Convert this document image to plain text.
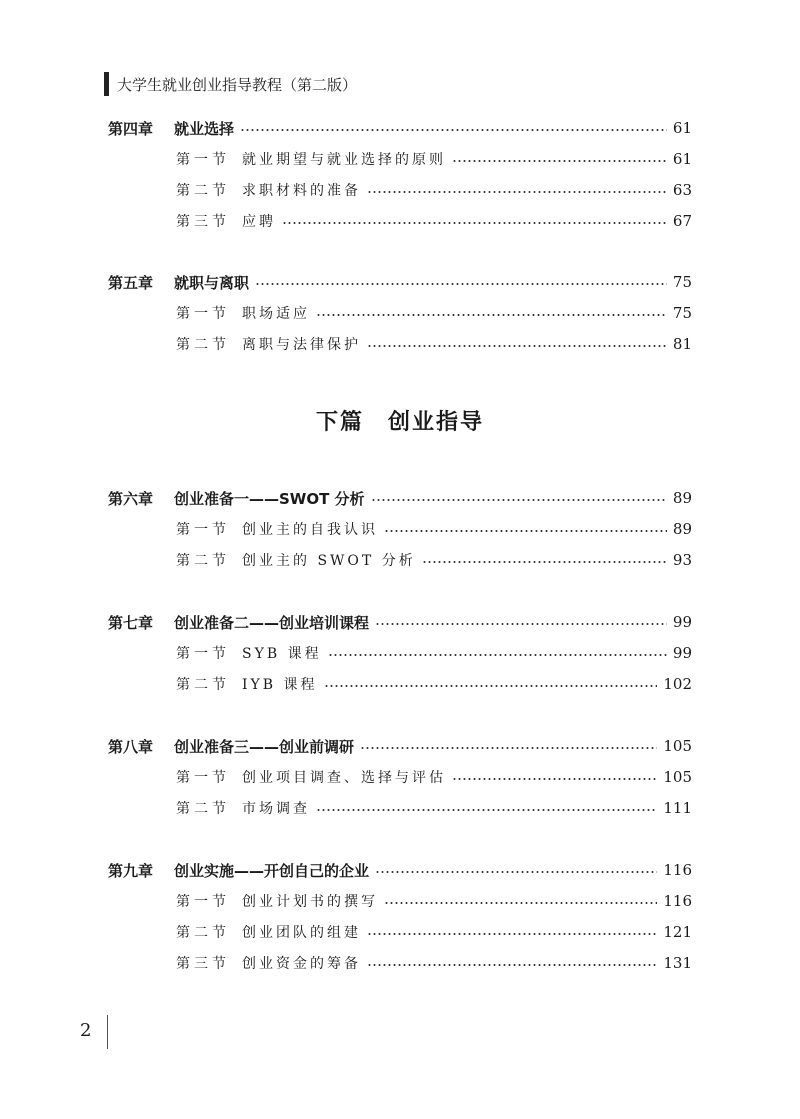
大学生就业创业指导教程（第二版）
第四章	就业选择	61
第一节 就业期望与就业选择的原则	61
第二节 求职材料的准备	63
第三节 应聘	67
第五章	就职与离职	75
第一节 职场适应	75
第二节 离职与法律保护	81
下篇　创业指导
第六章	创业准备一——SWOT 分析	89
第一节 创业主的自我认识	89
第二节 创业主的 SWOT 分析	93
第七章	创业准备二——创业培训课程	99
第一节 SYB 课程	99
第二节 IYB 课程	102
第八章	创业准备三——创业前调研	105
第一节 创业项目调查、选择与评估	105
第二节 市场调查	111
第九章	创业实施——开创自己的企业	116
第一节 创业计划书的撰写	116
第二节 创业团队的组建	121
第三节 创业资金的筹备	131
2
